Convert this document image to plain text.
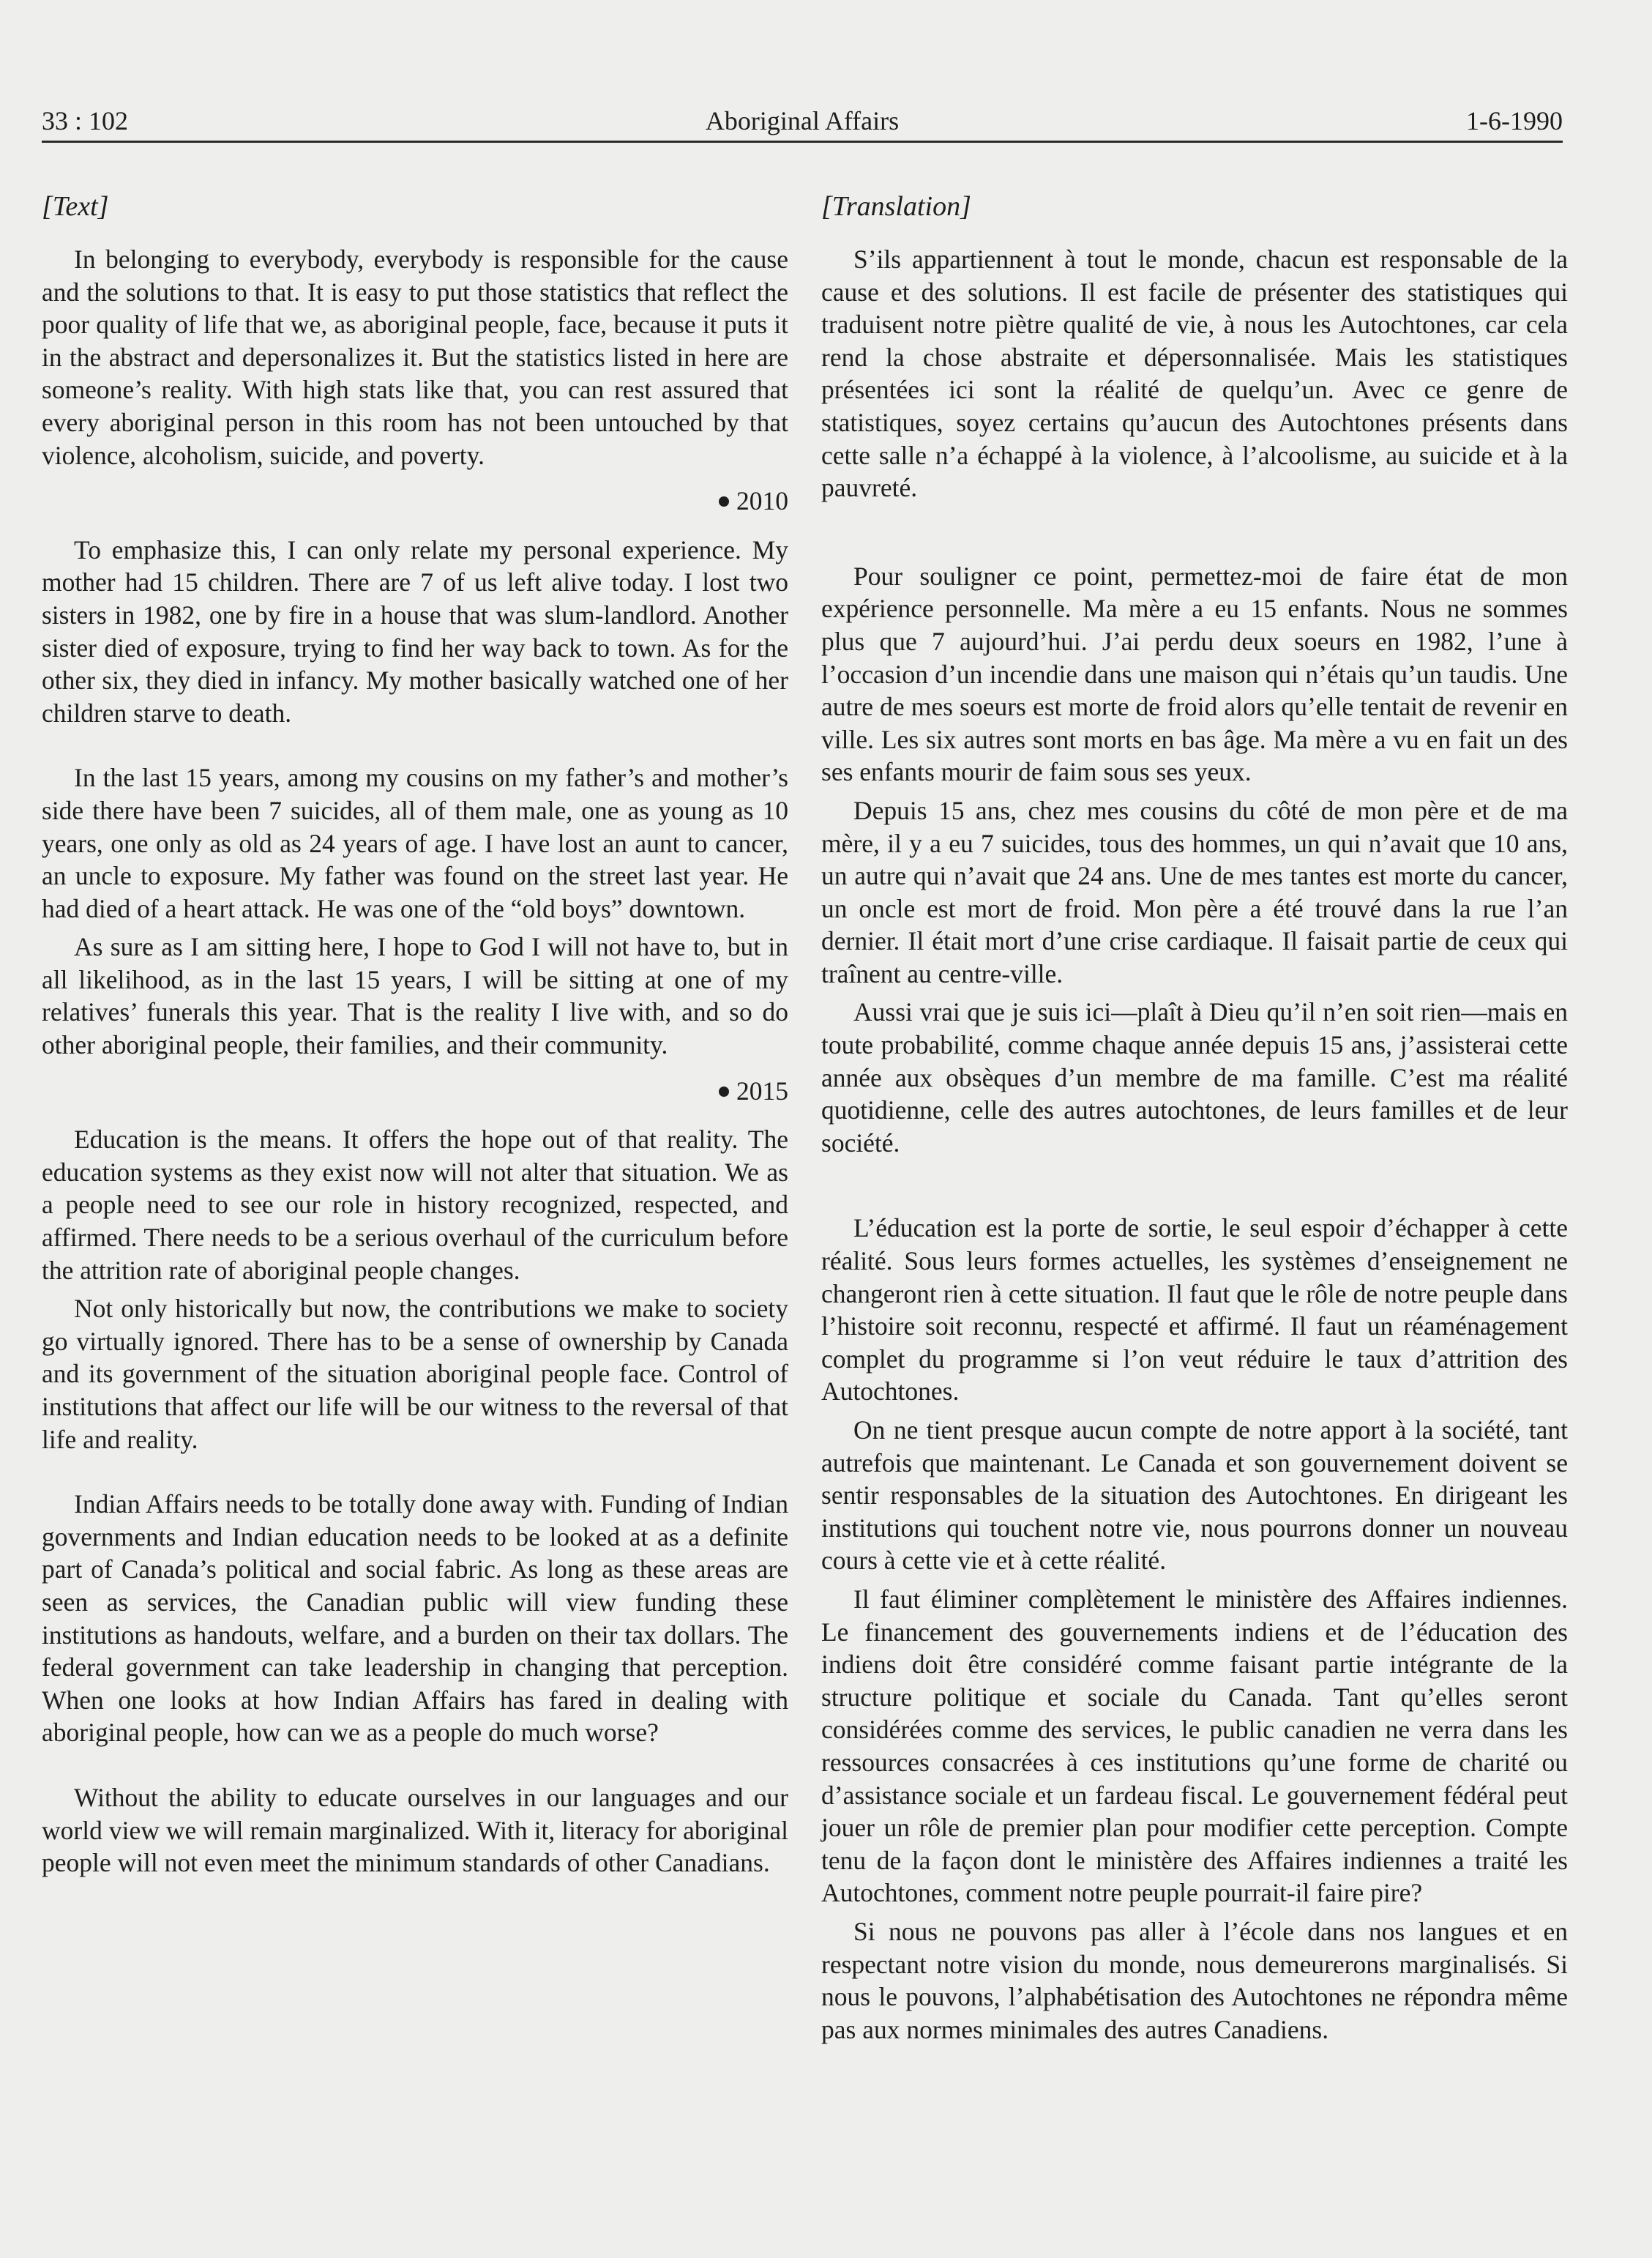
33 : 102	Aboriginal Affairs	1-6-1990
[Text]

In belonging to everybody, everybody is responsible for the cause and the solutions to that. It is easy to put those statistics that reflect the poor quality of life that we, as aboriginal people, face, because it puts it in the abstract and depersonalizes it. But the statistics listed in here are someone’s reality. With high stats like that, you can rest assured that every aboriginal person in this room has not been untouched by that violence, alcoholism, suicide, and poverty.

2010

To emphasize this, I can only relate my personal experience. My mother had 15 children. There are 7 of us left alive today. I lost two sisters in 1982, one by fire in a house that was slum-landlord. Another sister died of exposure, trying to find her way back to town. As for the other six, they died in infancy. My mother basically watched one of her children starve to death.

In the last 15 years, among my cousins on my father’s and mother’s side there have been 7 suicides, all of them male, one as young as 10 years, one only as old as 24 years of age. I have lost an aunt to cancer, an uncle to exposure. My father was found on the street last year. He had died of a heart attack. He was one of the “old boys” downtown.

As sure as I am sitting here, I hope to God I will not have to, but in all likelihood, as in the last 15 years, I will be sitting at one of my relatives’ funerals this year. That is the reality I live with, and so do other aboriginal people, their families, and their community.

2015

Education is the means. It offers the hope out of that reality. The education systems as they exist now will not alter that situation. We as a people need to see our role in history recognized, respected, and affirmed. There needs to be a serious overhaul of the curriculum before the attrition rate of aboriginal people changes.

Not only historically but now, the contributions we make to society go virtually ignored. There has to be a sense of ownership by Canada and its government of the situation aboriginal people face. Control of institutions that affect our life will be our witness to the reversal of that life and reality.

Indian Affairs needs to be totally done away with. Funding of Indian governments and Indian education needs to be looked at as a definite part of Canada’s political and social fabric. As long as these areas are seen as services, the Canadian public will view funding these institutions as handouts, welfare, and a burden on their tax dollars. The federal government can take leadership in changing that perception. When one looks at how Indian Affairs has fared in dealing with aboriginal people, how can we as a people do much worse?

Without the ability to educate ourselves in our languages and our world view we will remain marginalized. With it, literacy for aboriginal people will not even meet the minimum standards of other Canadians.

[Translation]

S’ils appartiennent à tout le monde, chacun est responsable de la cause et des solutions. Il est facile de présenter des statistiques qui traduisent notre piètre qualité de vie, à nous les Autochtones, car cela rend la chose abstraite et dépersonnalisée. Mais les statistiques présentées ici sont la réalité de quelqu’un. Avec ce genre de statistiques, soyez certains qu’aucun des Autochtones présents dans cette salle n’a échappé à la violence, à l’alcoolisme, au suicide et à la pauvreté.

Pour souligner ce point, permettez-moi de faire état de mon expérience personnelle. Ma mère a eu 15 enfants. Nous ne sommes plus que 7 aujourd’hui. J’ai perdu deux soeurs en 1982, l’une à l’occasion d’un incendie dans une maison qui n’étais qu’un taudis. Une autre de mes soeurs est morte de froid alors qu’elle tentait de revenir en ville. Les six autres sont morts en bas âge. Ma mère a vu en fait un des ses enfants mourir de faim sous ses yeux.

Depuis 15 ans, chez mes cousins du côté de mon père et de ma mère, il y a eu 7 suicides, tous des hommes, un qui n’avait que 10 ans, un autre qui n’avait que 24 ans. Une de mes tantes est morte du cancer, un oncle est mort de froid. Mon père a été trouvé dans la rue l’an dernier. Il était mort d’une crise cardiaque. Il faisait partie de ceux qui traînent au centre-ville.

Aussi vrai que je suis ici—plaît à Dieu qu’il n’en soit rien—mais en toute probabilité, comme chaque année depuis 15 ans, j’assisterai cette année aux obsèques d’un membre de ma famille. C’est ma réalité quotidienne, celle des autres autochtones, de leurs familles et de leur société.

L’éducation est la porte de sortie, le seul espoir d’échapper à cette réalité. Sous leurs formes actuelles, les systèmes d’enseignement ne changeront rien à cette situation. Il faut que le rôle de notre peuple dans l’histoire soit reconnu, respecté et affirmé. Il faut un réaménagement complet du programme si l’on veut réduire le taux d’attrition des Autochtones.

On ne tient presque aucun compte de notre apport à la société, tant autrefois que maintenant. Le Canada et son gouvernement doivent se sentir responsables de la situation des Autochtones. En dirigeant les institutions qui touchent notre vie, nous pourrons donner un nouveau cours à cette vie et à cette réalité.

Il faut éliminer complètement le ministère des Affaires indiennes. Le financement des gouvernements indiens et de l’éducation des indiens doit être considéré comme faisant partie intégrante de la structure politique et sociale du Canada. Tant qu’elles seront considérées comme des services, le public canadien ne verra dans les ressources consacrées à ces institutions qu’une forme de charité ou d’assistance sociale et un fardeau fiscal. Le gouvernement fédéral peut jouer un rôle de premier plan pour modifier cette perception. Compte tenu de la façon dont le ministère des Affaires indiennes a traité les Autochtones, comment notre peuple pourrait-il faire pire?

Si nous ne pouvons pas aller à l’école dans nos langues et en respectant notre vision du monde, nous demeurerons marginalisés. Si nous le pouvons, l’alphabétisation des Autochtones ne répondra même pas aux normes minimales des autres Canadiens.
